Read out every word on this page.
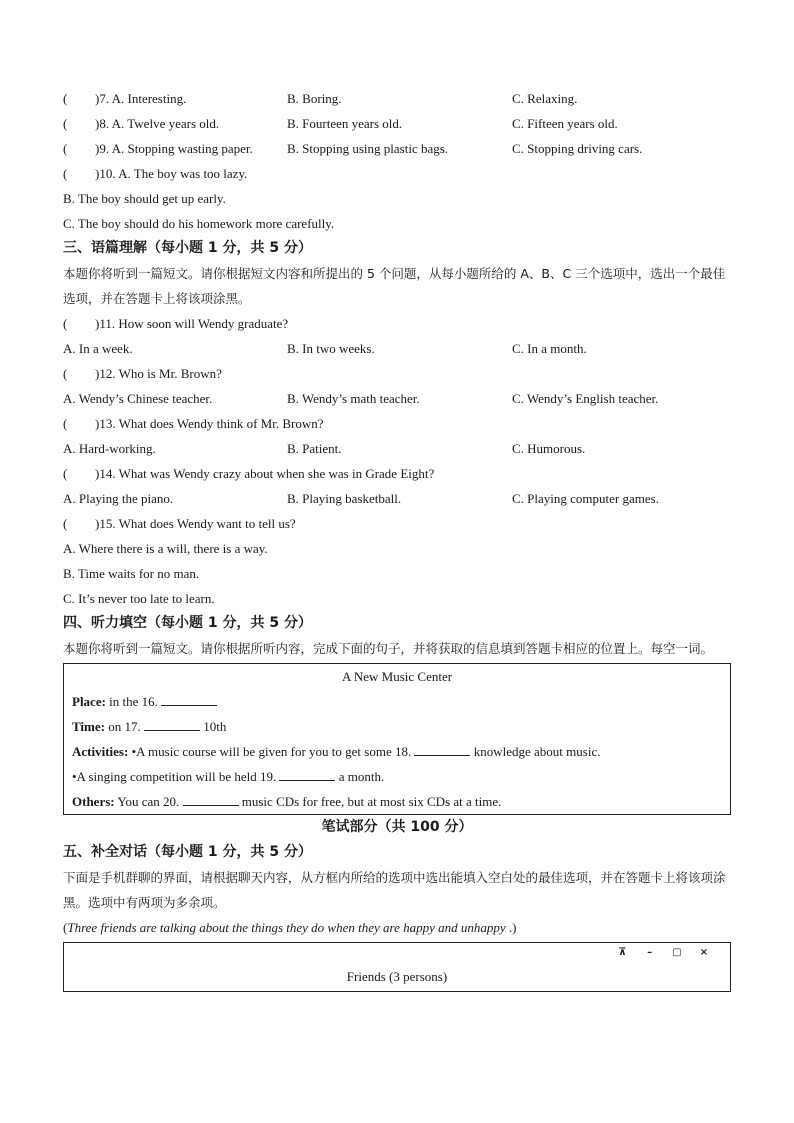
( )7. A. Interesting.	B. Boring.	C. Relaxing.
( )8. A. Twelve years old.	B. Fourteen years old.	C. Fifteen years old.
( )9. A. Stopping wasting paper.	B. Stopping using plastic bags.	C. Stopping driving cars.
( )10. A. The boy was too lazy.
B. The boy should get up early.
C. The boy should do his homework more carefully.
三、语篇理解（每小题 1 分，共 5 分）
本题你将听到一篇短文。请你根据短文内容和所提出的 5 个问题，从每小题所给的 A、B、C 三个选项中，选出一个最佳选项，并在答题卡上将该项涂黑。
( )11. How soon will Wendy graduate?
A. In a week.	B. In two weeks.	C. In a month.
( )12. Who is Mr. Brown?
A. Wendy’s Chinese teacher.	B. Wendy’s math teacher.	C. Wendy’s English teacher.
( )13. What does Wendy think of Mr. Brown?
A. Hard-working.	B. Patient.	C. Humorous.
( )14. What was Wendy crazy about when she was in Grade Eight?
A. Playing the piano.	B. Playing basketball.	C. Playing computer games.
( )15. What does Wendy want to tell us?
A. Where there is a will, there is a way.
B. Time waits for no man.
C. It’s never too late to learn.
四、听力填空（每小题 1 分，共 5 分）
本题你将听到一篇短文。请你根据所听内容，完成下面的句子，并将获取的信息填到答题卡相应的位置上。每空一词。
A New Music Center
Place: in the 16.
Time: on 17.	10th
Activities: •A music course will be given for you to get some 18.	knowledge about music.
•A singing competition will be held 19.	a month.
Others: You can 20.	music CDs for free, but at most six CDs at a time.
笔试部分（共 100 分）
五、补全对话（每小题 1 分，共 5 分）
下面是手机群聊的界面，请根据聊天内容，从方框内所给的选项中选出能填入空白处的最佳选项，并在答题卡上将该项涂黑。选项中有两项为多余项。
(Three friends are talking about the things they do when they are happy and unhappy .)
⊼ – ▢ ×
Friends (3 persons)
